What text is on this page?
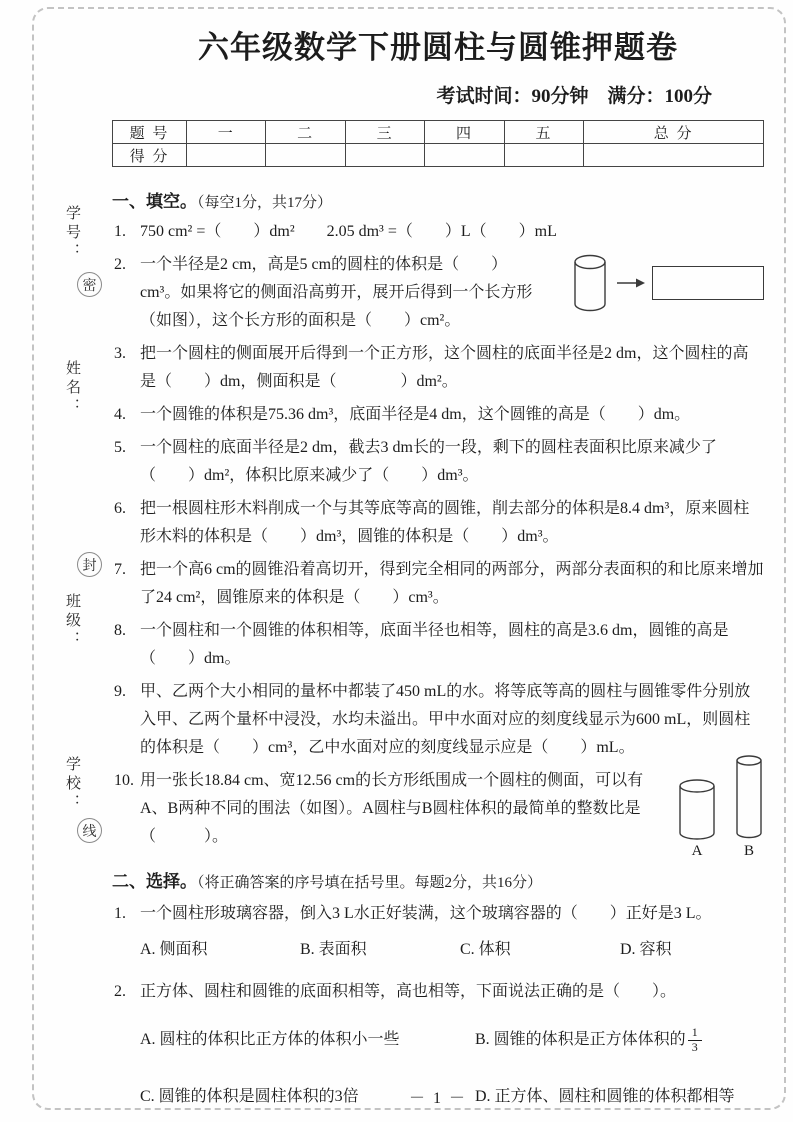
学号：
密
姓名：
封
班级：
学校：
线
六年级数学下册圆柱与圆锥押题卷
考试时间：90分钟　满分：100分
题 号	一	二	三	四	五	总 分
得 分						
一、填空。（每空1分，共17分）
1. 750 cm² =（　　）dm²　　2.05 dm³ =（　　）L（　　）mL
2. 一个半径是2 cm，高是5 cm的圆柱的体积是（　　）cm³。如果将它的侧面沿高剪开，展开后得到一个长方形（如图），这个长方形的面积是（　　）cm²。
3. 把一个圆柱的侧面展开后得到一个正方形，这个圆柱的底面半径是2 dm，这个圆柱的高是（　　）dm，侧面积是（　　　　）dm²。
4. 一个圆锥的体积是75.36 dm³，底面半径是4 dm，这个圆锥的高是（　　）dm。
5. 一个圆柱的底面半径是2 dm，截去3 dm长的一段，剩下的圆柱表面积比原来减少了（　　）dm²，体积比原来减少了（　　）dm³。
6. 把一根圆柱形木料削成一个与其等底等高的圆锥，削去部分的体积是8.4 dm³，原来圆柱形木料的体积是（　　）dm³，圆锥的体积是（　　）dm³。
7. 把一个高6 cm的圆锥沿着高切开，得到完全相同的两部分，两部分表面积的和比原来增加了24 cm²，圆锥原来的体积是（　　）cm³。
8. 一个圆柱和一个圆锥的体积相等，底面半径也相等，圆柱的高是3.6 dm，圆锥的高是（　　）dm。
9. 甲、乙两个大小相同的量杯中都装了450 mL的水。将等底等高的圆柱与圆锥零件分别放入甲、乙两个量杯中浸没，水均未溢出。甲中水面对应的刻度线显示为600 mL，则圆柱的体积是（　　）cm³，乙中水面对应的刻度线显示应是（　　）mL。
10.
A	B
用一张长18.84 cm、宽12.56 cm的长方形纸围成一个圆柱的侧面，可以有A、B两种不同的围法（如图）。A圆柱与B圆柱体积的最简单的整数比是（　　　）。
二、选择。（将正确答案的序号填在括号里。每题2分，共16分）
1. 一个圆柱形玻璃容器，倒入3 L水正好装满，这个玻璃容器的（　　）正好是3 L。
A. 侧面积	B. 表面积	C. 体积	D. 容积
2. 正方体、圆柱和圆锥的底面积相等，高也相等，下面说法正确的是（　　）。
A. 圆柱的体积比正方体的体积小一些	B. 圆锥的体积是正方体体积的 $\frac{1}{3}$
C. 圆锥的体积是圆柱体积的3倍	D. 正方体、圆柱和圆锥的体积都相等
－ 1 －
